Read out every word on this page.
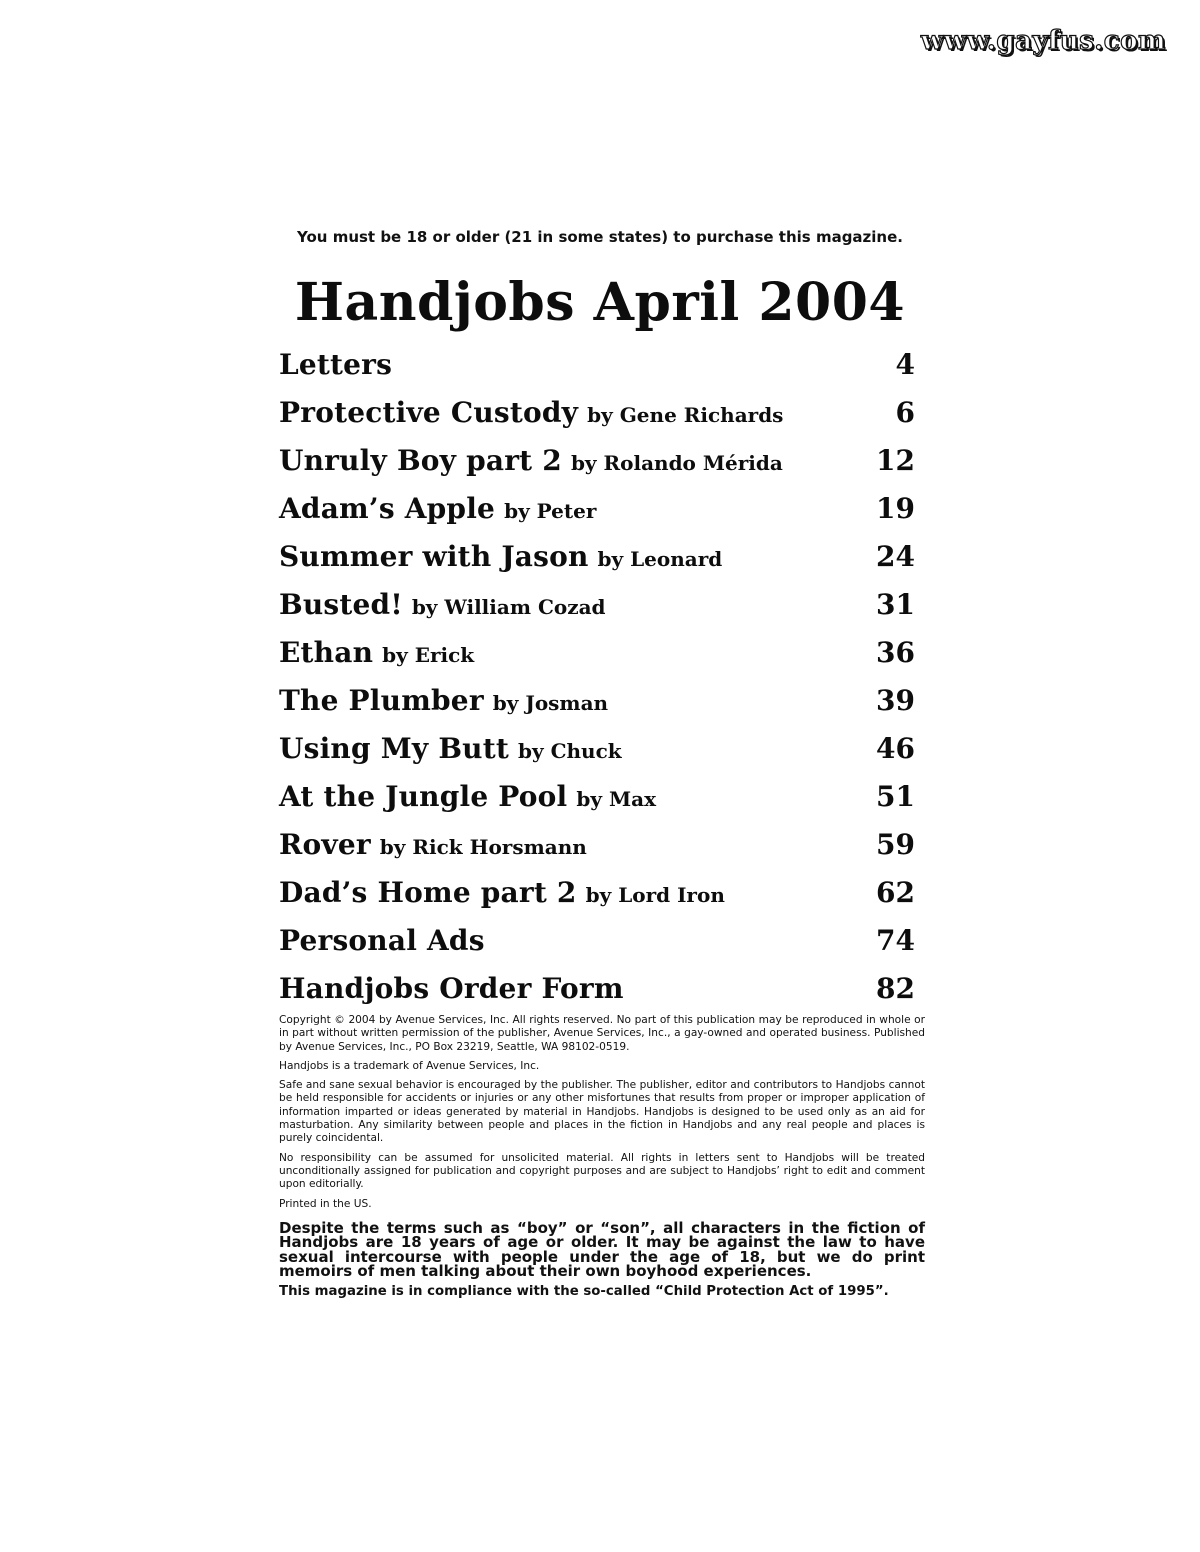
www.gayfus.com
You must be 18 or older (21 in some states) to purchase this magazine.
Handjobs April 2004
Letters	4
Protective Custody by Gene Richards	6
Unruly Boy part 2 by Rolando Mérida	12
Adam’s Apple by Peter	19
Summer with Jason by Leonard	24
Busted! by William Cozad	31
Ethan by Erick	36
The Plumber by Josman	39
Using My Butt by Chuck	46
At the Jungle Pool by Max	51
Rover by Rick Horsmann	59
Dad’s Home part 2 by Lord Iron	62
Personal Ads	74
Handjobs Order Form	82

Copyright © 2004 by Avenue Services, Inc. All rights reserved. No part of this publication may be reproduced in whole or in part without written permission of the publisher, Avenue Services, Inc., a gay-owned and operated business. Published by Avenue Services, Inc., PO Box 23219, Seattle, WA 98102-0519.

Handjobs is a trademark of Avenue Services, Inc.

Safe and sane sexual behavior is encouraged by the publisher. The publisher, editor and contributors to Handjobs cannot be held responsible for accidents or injuries or any other misfortunes that results from proper or improper application of information imparted or ideas generated by material in Handjobs. Handjobs is designed to be used only as an aid for masturbation. Any similarity between people and places in the fiction in Handjobs and any real people and places is purely coincidental.

No responsibility can be assumed for unsolicited material. All rights in letters sent to Handjobs will be treated unconditionally assigned for publication and copyright purposes and are subject to Handjobs’ right to edit and comment upon editorially.

Printed in the US.

Despite the terms such as “boy” or “son”, all characters in the fiction of Handjobs are 18 years of age or older. It may be against the law to have sexual intercourse with people under the age of 18, but we do print memoirs of men talking about their own boyhood experiences.

This magazine is in compliance with the so-called “Child Protection Act of 1995”.
